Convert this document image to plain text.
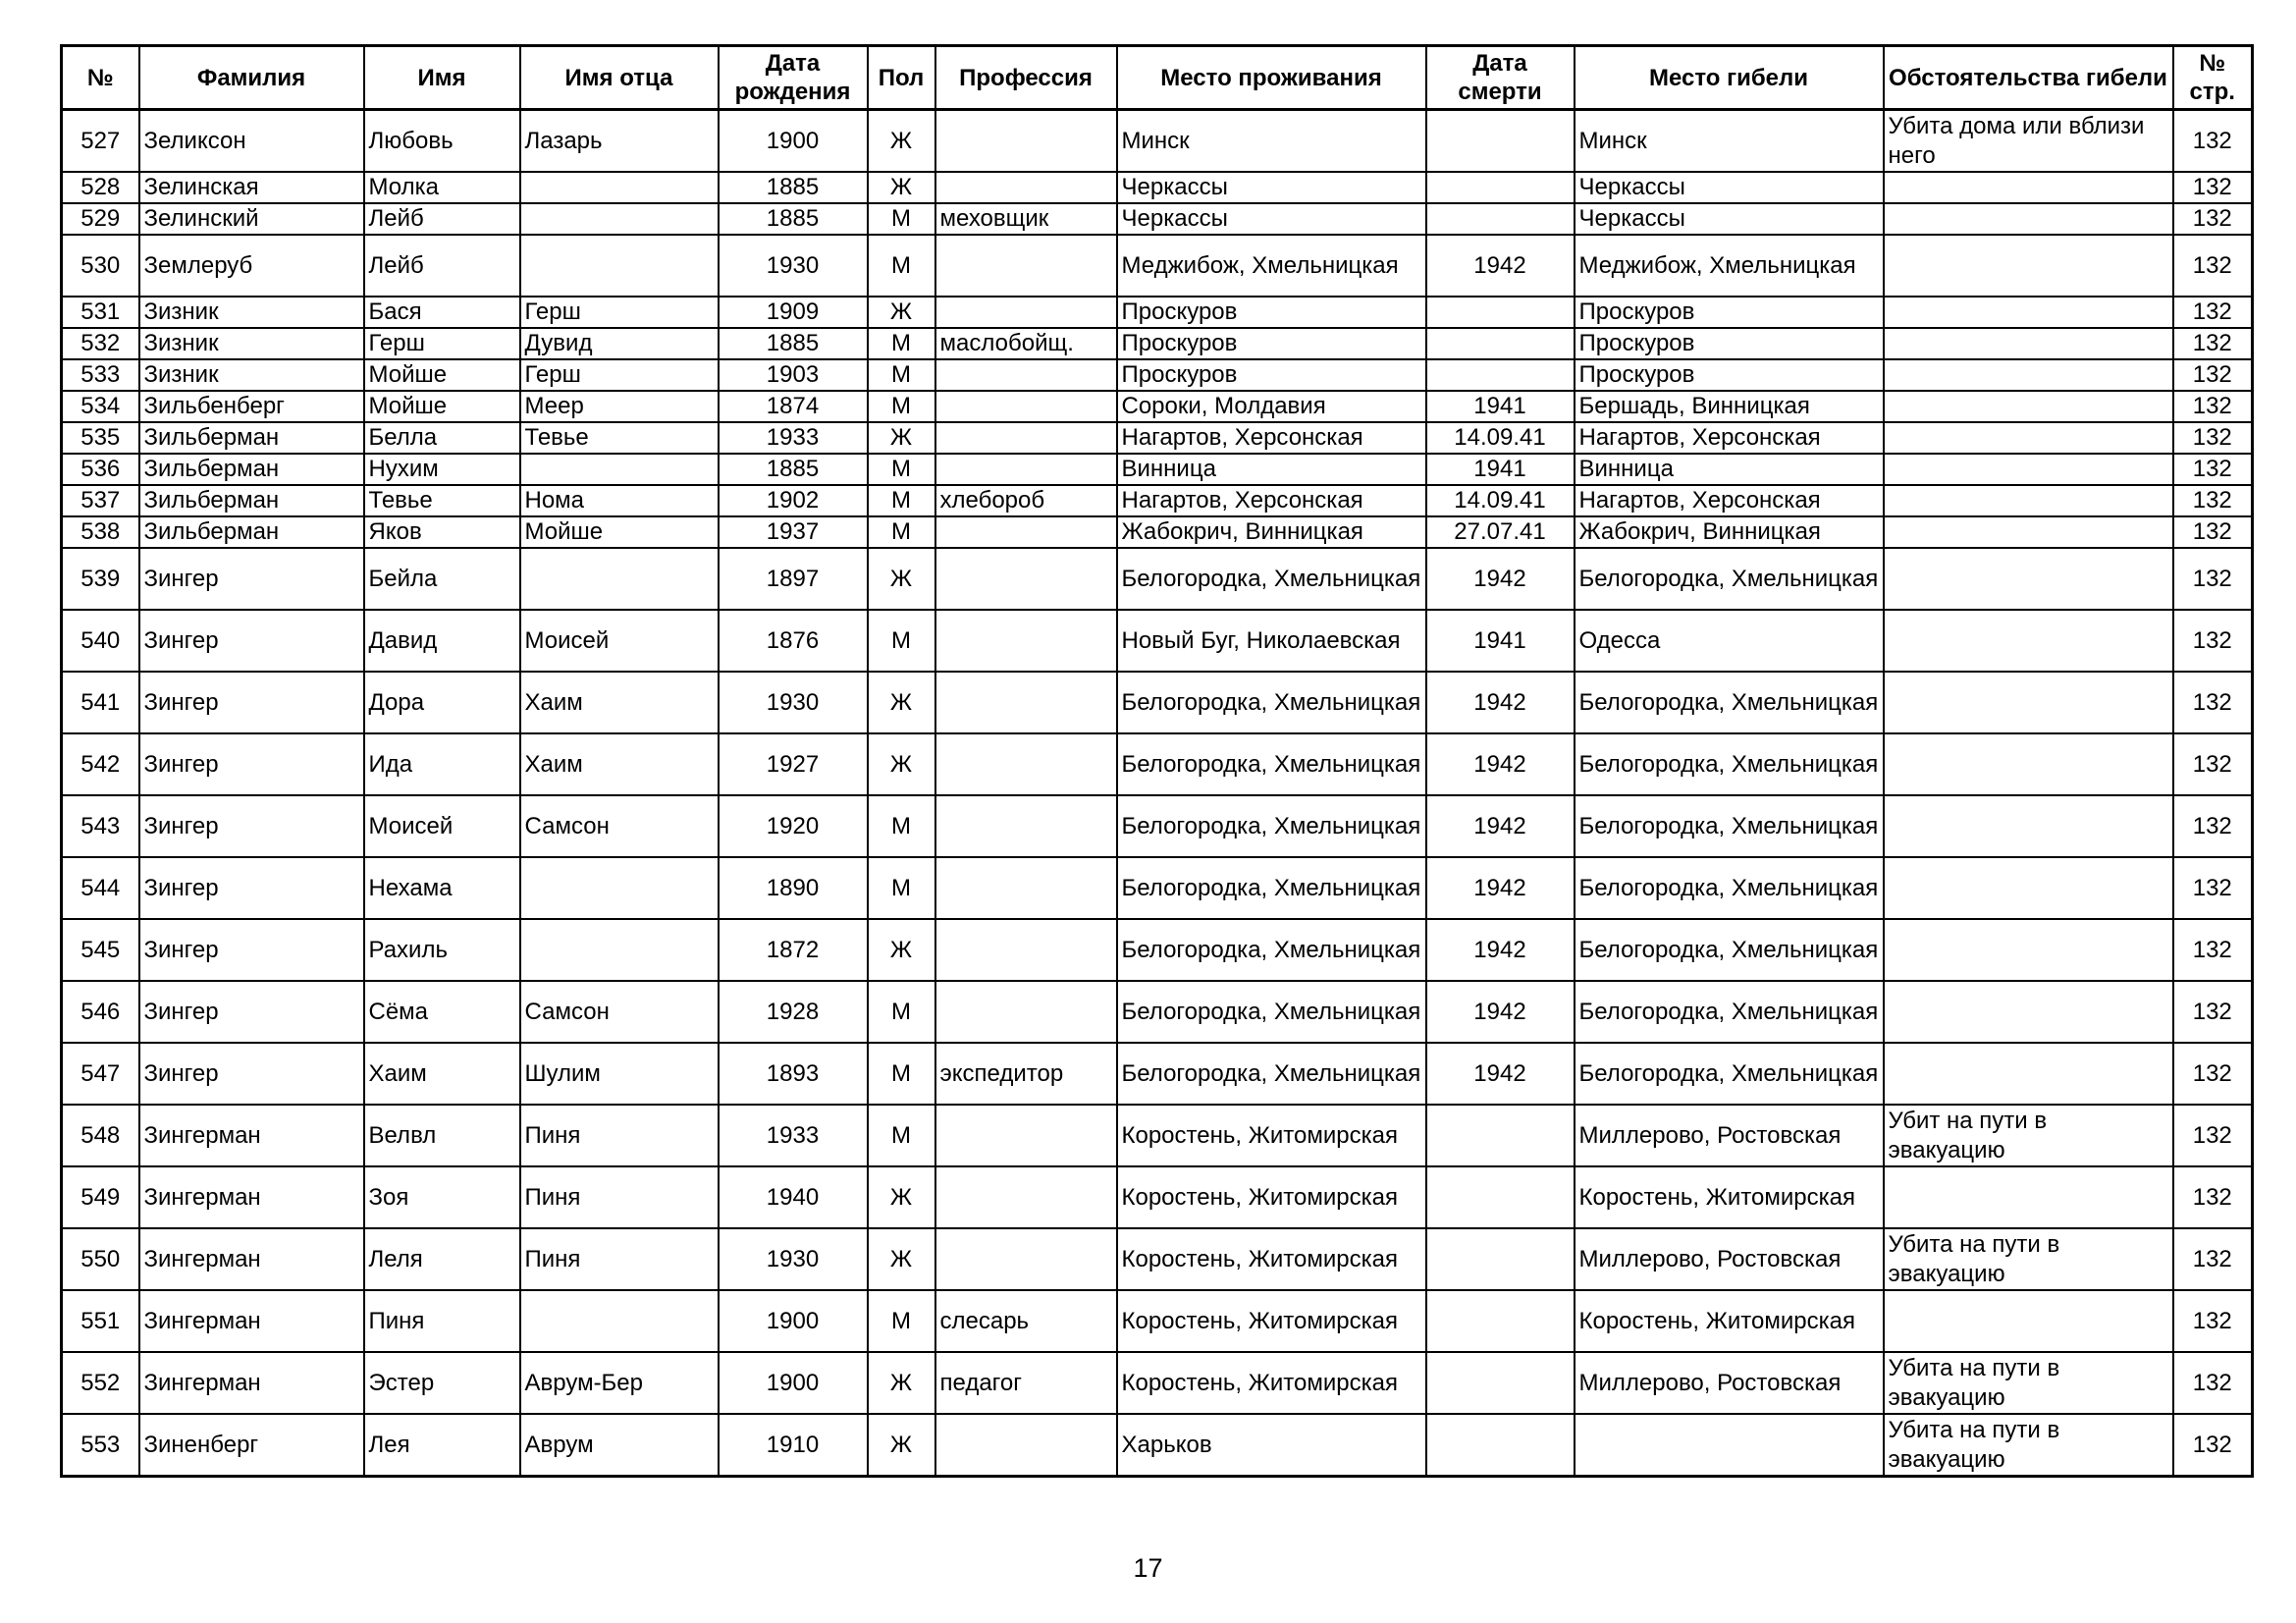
№	Фамилия	Имя	Имя отца	Дата рождения	Пол	Профессия	Место проживания	Дата смерти	Место гибели	Обстоятельства гибели	№ стр.
527	Зеликсон	Любовь	Лазарь	1900	Ж		Минск		Минск	Убита дома или вблизи него	132
528	Зелинская	Молка		1885	Ж		Черкассы		Черкассы		132
529	Зелинский	Лейб		1885	М	меховщик	Черкассы		Черкассы		132
530	Землеруб	Лейб		1930	М		Меджибож, Хмельницкая	1942	Меджибож, Хмельницкая		132
531	Зизник	Бася	Герш	1909	Ж		Проскуров		Проскуров		132
532	Зизник	Герш	Дувид	1885	М	маслобойщ.	Проскуров		Проскуров		132
533	Зизник	Мойше	Герш	1903	М		Проскуров		Проскуров		132
534	Зильбенберг	Мойше	Меер	1874	М		Сороки, Молдавия	1941	Бершадь, Винницкая		132
535	Зильберман	Белла	Тевье	1933	Ж		Нагартов, Херсонская	14.09.41	Нагартов, Херсонская		132
536	Зильберман	Нухим		1885	М		Винница	1941	Винница		132
537	Зильберман	Тевье	Нома	1902	М	хлебороб	Нагартов, Херсонская	14.09.41	Нагартов, Херсонская		132
538	Зильберман	Яков	Мойше	1937	М		Жабокрич, Винницкая	27.07.41	Жабокрич, Винницкая		132
539	Зингер	Бейла		1897	Ж		Белогородка, Хмельницкая	1942	Белогородка, Хмельницкая		132
540	Зингер	Давид	Моисей	1876	М		Новый Буг, Николаевская	1941	Одесса		132
541	Зингер	Дора	Хаим	1930	Ж		Белогородка, Хмельницкая	1942	Белогородка, Хмельницкая		132
542	Зингер	Ида	Хаим	1927	Ж		Белогородка, Хмельницкая	1942	Белогородка, Хмельницкая		132
543	Зингер	Моисей	Самсон	1920	М		Белогородка, Хмельницкая	1942	Белогородка, Хмельницкая		132
544	Зингер	Нехама		1890	М		Белогородка, Хмельницкая	1942	Белогородка, Хмельницкая		132
545	Зингер	Рахиль		1872	Ж		Белогородка, Хмельницкая	1942	Белогородка, Хмельницкая		132
546	Зингер	Сёма	Самсон	1928	М		Белогородка, Хмельницкая	1942	Белогородка, Хмельницкая		132
547	Зингер	Хаим	Шулим	1893	М	экспедитор	Белогородка, Хмельницкая	1942	Белогородка, Хмельницкая		132
548	Зингерман	Велвл	Пиня	1933	М		Коростень, Житомирская		Миллерово, Ростовская	Убит на пути в эвакуацию	132
549	Зингерман	Зоя	Пиня	1940	Ж		Коростень, Житомирская		Коростень, Житомирская		132
550	Зингерман	Леля	Пиня	1930	Ж		Коростень, Житомирская		Миллерово, Ростовская	Убита на пути в эвакуацию	132
551	Зингерман	Пиня		1900	М	слесарь	Коростень, Житомирская		Коростень, Житомирская		132
552	Зингерман	Эстер	Аврум-Бер	1900	Ж	педагог	Коростень, Житомирская		Миллерово, Ростовская	Убита на пути в эвакуацию	132
553	Зиненберг	Лея	Аврум	1910	Ж		Харьков			Убита на пути в эвакуацию	132
17
